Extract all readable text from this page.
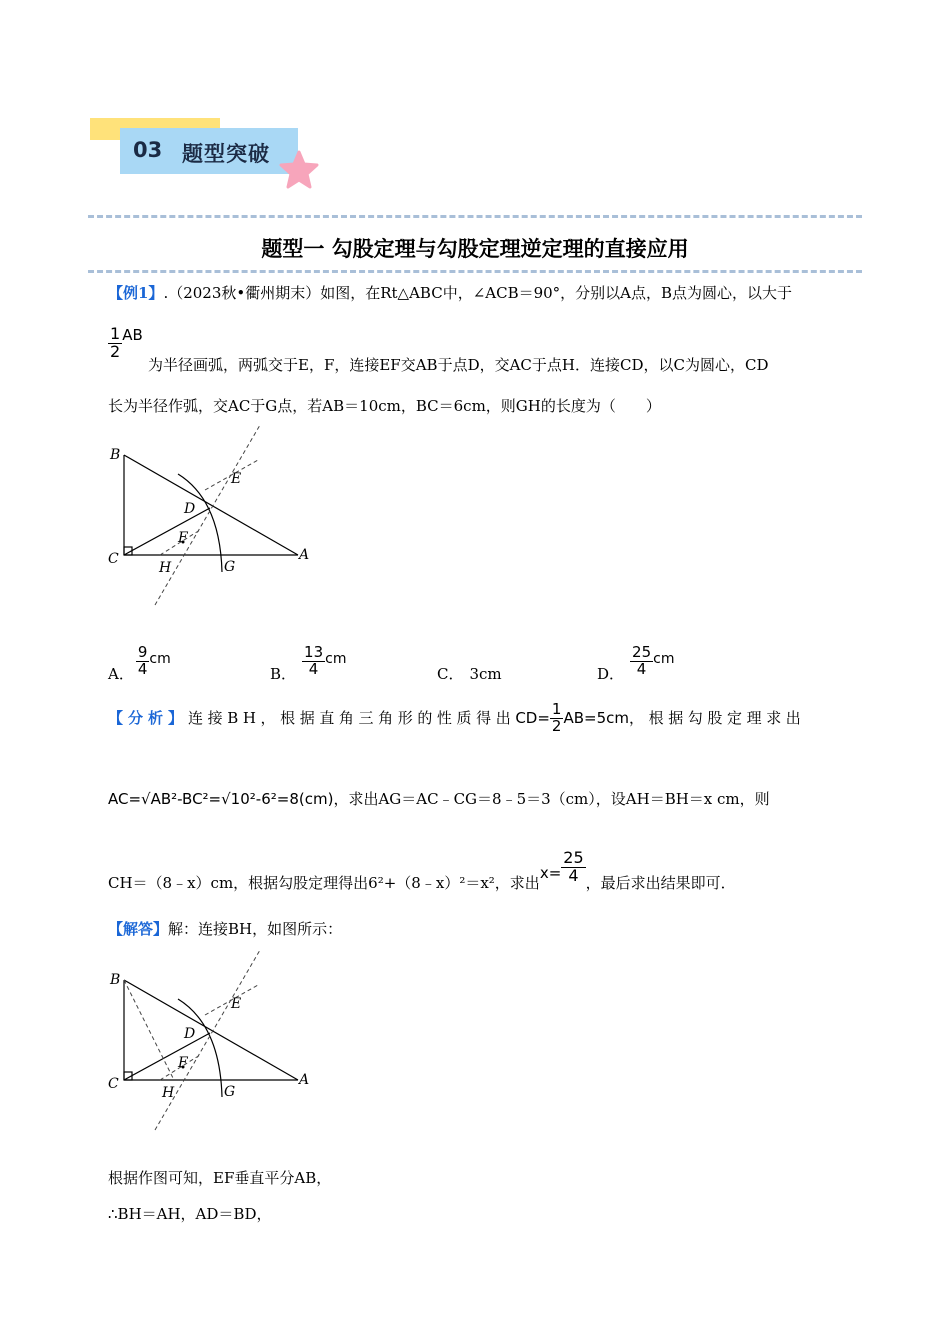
03 题型突破
题型一 勾股定理与勾股定理逆定理的直接应用
【例1】.（2023秋•衢州期末）如图，在Rt△ABC中，∠ACB＝90°，分别以A点，B点为圆心，以大于
$\frac{1}{2}$ AB
为半径画弧，两弧交于E，F，连接EF交AB于点D，交AC于点H．连接CD，以C为圆心，CD
长为半径作弧，交AC于G点，若AB＝10cm，BC＝6cm，则GH的长度为（　　）
B
C	A
D
E
F
H	G
A． $\frac{9}{4}$ cm
B． $\frac{13}{4}$ cm
C． 3cm	D． $\frac{25}{4}$ cm
【分析】连接BH，根据直角三角形的性质得出$CD= \frac{1}{2} AB=5cm$，根据勾股定理求出
AC=√AB²-BC²=√10²-6²=8(cm)，求出AG＝AC﹣CG＝8﹣5＝3（cm），设AH＝BH＝x cm，则
CH＝（8﹣x）cm，根据勾股定理得出6²+（8﹣x）²＝x²，求出$x= \frac{25}{4}$ ，最后求出结果即可．
【解答】解：连接BH，如图所示：
B
C	A
D
E
F
H	G
根据作图可知，EF垂直平分AB，
∴BH＝AH，AD＝BD，
